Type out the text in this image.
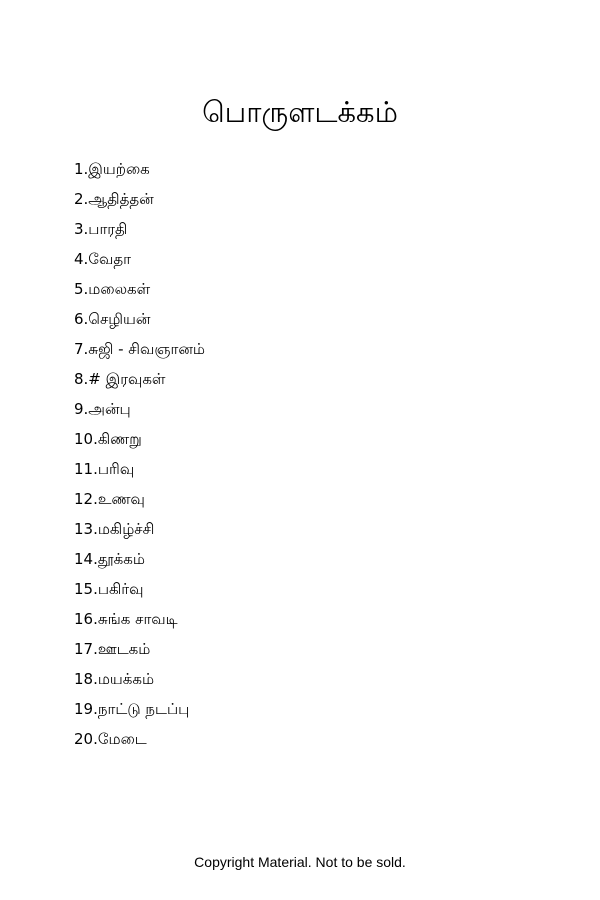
பொருளடக்கம்
1.இயற்கை
2.ஆதித்தன்
3.பாரதி
4.வேதா
5.மலைகள்
6.செழியன்
7.சுஜி - சிவஞானம்
8.# இரவுகள்
9.அன்பு
10.கிணறு
11.பரிவு
12.உணவு
13.மகிழ்ச்சி
14.தூக்கம்
15.பகிர்வு
16.சுங்க சாவடி
17.ஊடகம்
18.மயக்கம்
19.நாட்டு நடப்பு
20.மேடை
Copyright Material. Not to be sold.
